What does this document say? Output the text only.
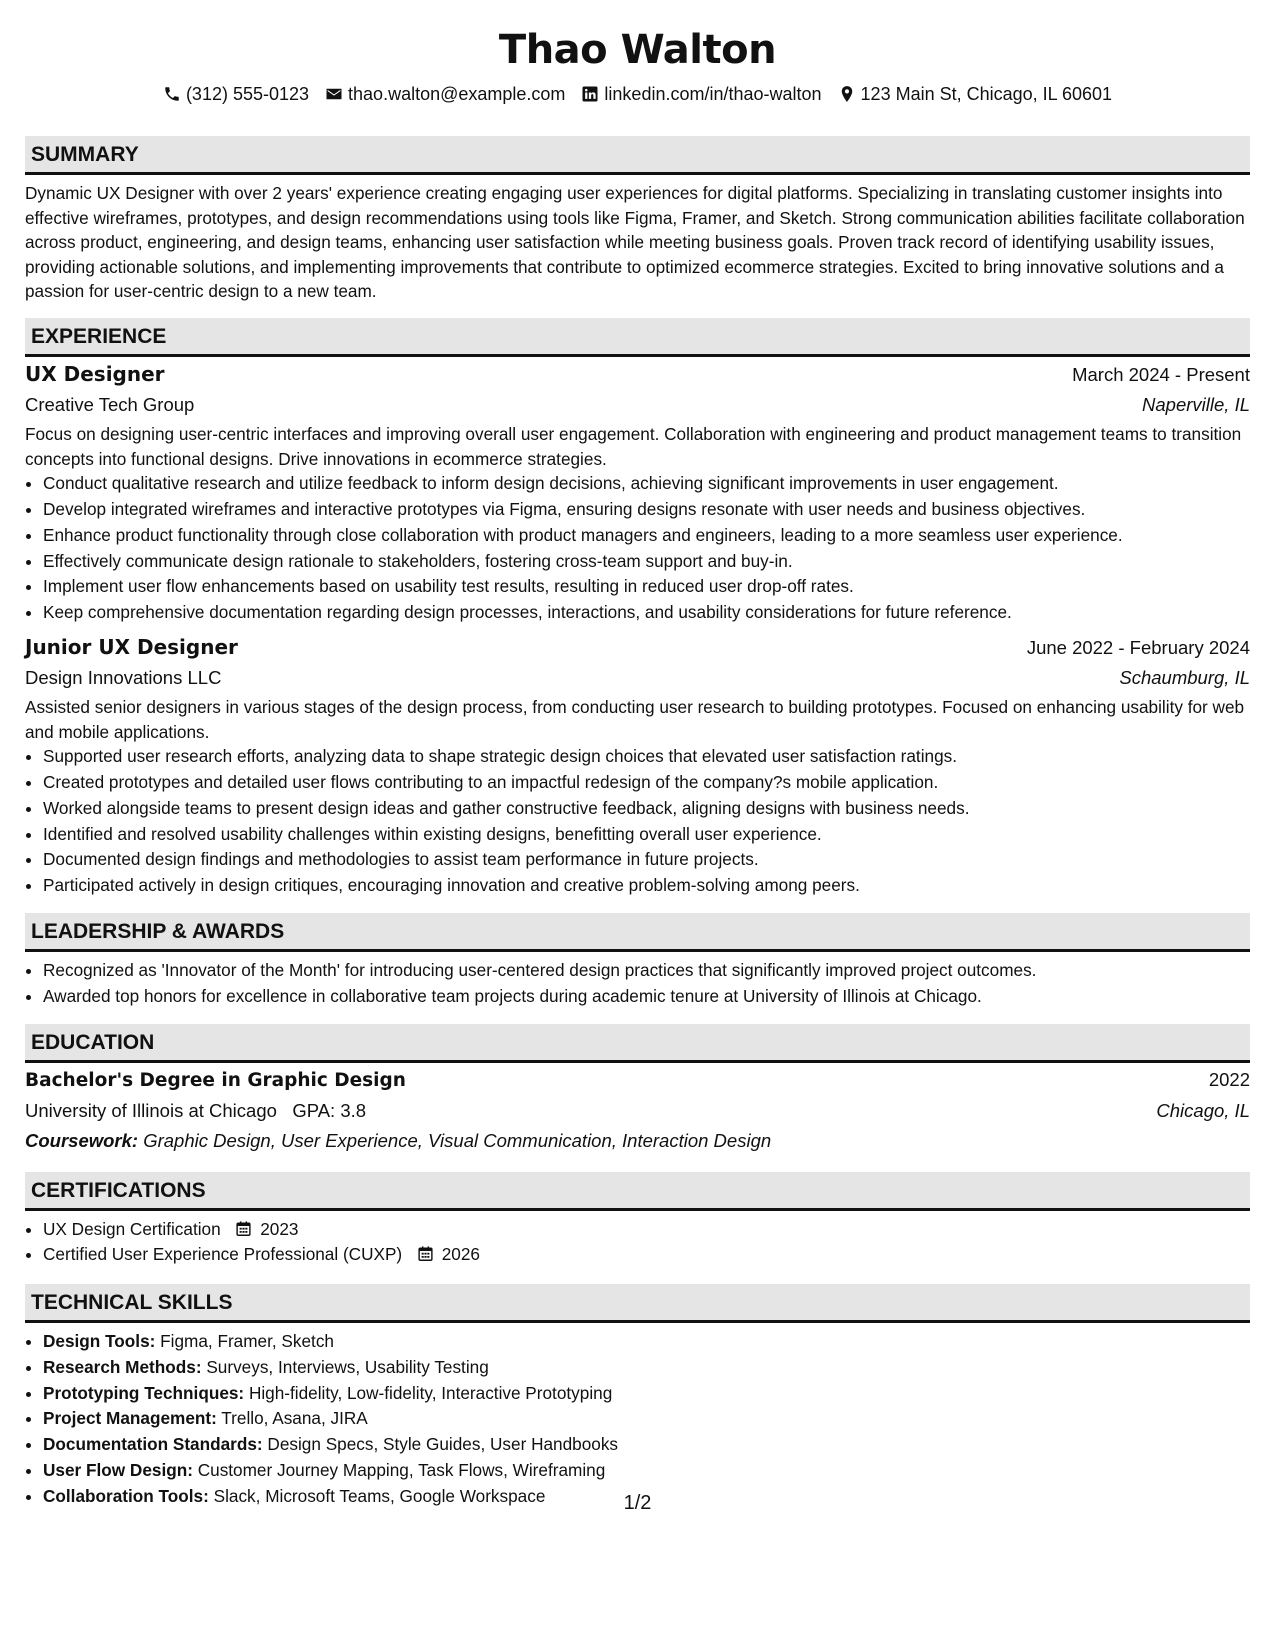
Thao Walton
(312) 555-0123 thao.walton@example.com linkedin.com/in/thao-walton 123 Main St, Chicago, IL 60601
SUMMARY

Dynamic UX Designer with over 2 years' experience creating engaging user experiences for digital platforms. Specializing in translating customer insights into effective wireframes, prototypes, and design recommendations using tools like Figma, Framer, and Sketch. Strong communication abilities facilitate collaboration across product, engineering, and design teams, enhancing user satisfaction while meeting business goals. Proven track record of identifying usability issues, providing actionable solutions, and implementing improvements that contribute to optimized ecommerce strategies. Excited to bring innovative solutions and a passion for user-centric design to a new team.

EXPERIENCE
UX Designer	March 2024 - Present
Creative Tech Group	Naperville, IL

Focus on designing user-centric interfaces and improving overall user engagement. Collaboration with engineering and product management teams to transition concepts into functional designs. Drive innovations in ecommerce strategies.

• Conduct qualitative research and utilize feedback to inform design decisions, achieving significant improvements in user engagement.
• Develop integrated wireframes and interactive prototypes via Figma, ensuring designs resonate with user needs and business objectives.
• Enhance product functionality through close collaboration with product managers and engineers, leading to a more seamless user experience.
• Effectively communicate design rationale to stakeholders, fostering cross-team support and buy-in.
• Implement user flow enhancements based on usability test results, resulting in reduced user drop-off rates.
• Keep comprehensive documentation regarding design processes, interactions, and usability considerations for future reference.
Junior UX Designer	June 2022 - February 2024
Design Innovations LLC	Schaumburg, IL

Assisted senior designers in various stages of the design process, from conducting user research to building prototypes. Focused on enhancing usability for web and mobile applications.

• Supported user research efforts, analyzing data to shape strategic design choices that elevated user satisfaction ratings.
• Created prototypes and detailed user flows contributing to an impactful redesign of the company?s mobile application.
• Worked alongside teams to present design ideas and gather constructive feedback, aligning designs with business needs.
• Identified and resolved usability challenges within existing designs, benefitting overall user experience.
• Documented design findings and methodologies to assist team performance in future projects.
• Participated actively in design critiques, encouraging innovation and creative problem-solving among peers.
LEADERSHIP & AWARDS
• Recognized as 'Innovator of the Month' for introducing user-centered design practices that significantly improved project outcomes.
• Awarded top honors for excellence in collaborative team projects during academic tenure at University of Illinois at Chicago.
EDUCATION
Bachelor's Degree in Graphic Design	2022
University of Illinois at Chicago GPA: 3.8	Chicago, IL
Coursework: Graphic Design, User Experience, Visual Communication, Interaction Design
CERTIFICATIONS
• UX Design Certification 2023
• Certified User Experience Professional (CUXP) 2026
TECHNICAL SKILLS
• Design Tools: Figma, Framer, Sketch
• Research Methods: Surveys, Interviews, Usability Testing
• Prototyping Techniques: High-fidelity, Low-fidelity, Interactive Prototyping
• Project Management: Trello, Asana, JIRA
• Documentation Standards: Design Specs, Style Guides, User Handbooks
• User Flow Design: Customer Journey Mapping, Task Flows, Wireframing
• Collaboration Tools: Slack, Microsoft Teams, Google Workspace	1/2
